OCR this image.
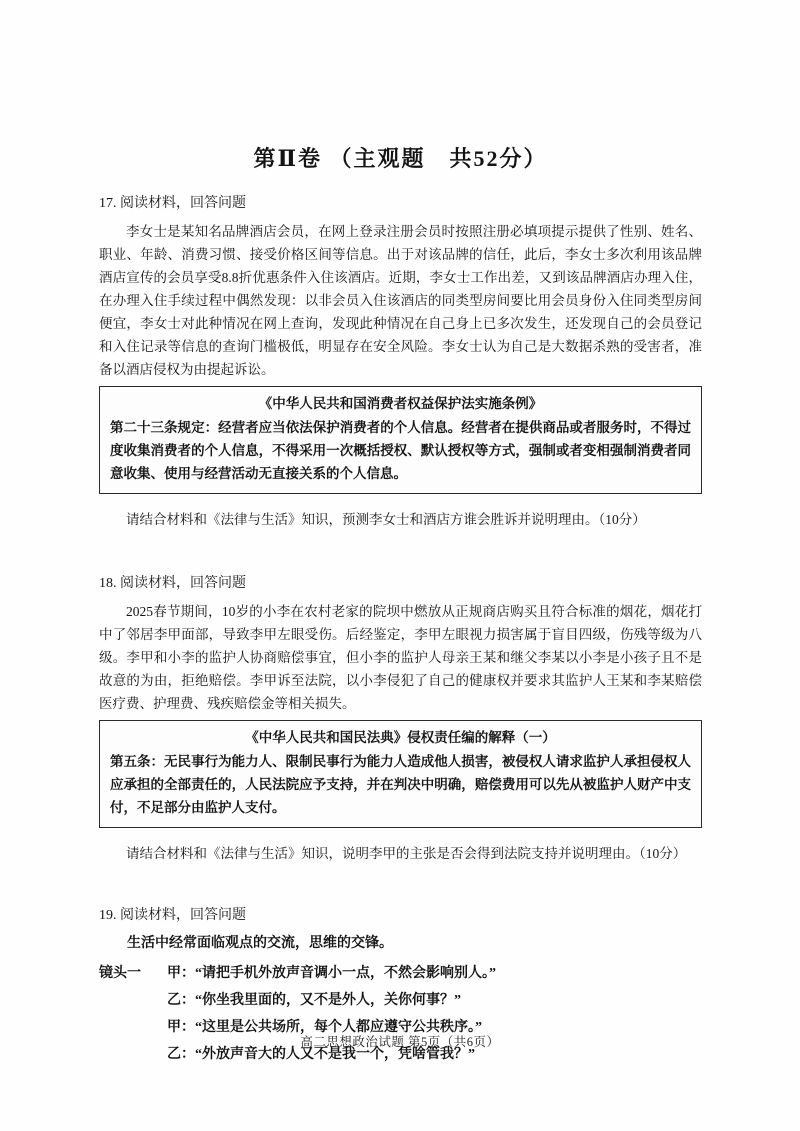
第Ⅱ卷 （主观题　共52分）
17. 阅读材料，回答问题

李女士是某知名品牌酒店会员，在网上登录注册会员时按照注册必填项提示提供了性别、姓名、职业、年龄、消费习惯、接受价格区间等信息。出于对该品牌的信任，此后，李女士多次利用该品牌酒店宣传的会员享受8.8折优惠条件入住该酒店。近期，李女士工作出差，又到该品牌酒店办理入住，在办理入住手续过程中偶然发现：以非会员入住该酒店的同类型房间要比用会员身份入住同类型房间便宜，李女士对此种情况在网上查询，发现此种情况在自己身上已多次发生，还发现自己的会员登记和入住记录等信息的查询门槛极低，明显存在安全风险。李女士认为自己是大数据杀熟的受害者，准备以酒店侵权为由提起诉讼。

《中华人民共和国消费者权益保护法实施条例》
第二十三条规定：经营者应当依法保护消费者的个人信息。经营者在提供商品或者服务时，不得过度收集消费者的个人信息，不得采用一次概括授权、默认授权等方式，强制或者变相强制消费者同意收集、使用与经营活动无直接关系的个人信息。

请结合材料和《法律与生活》知识，预测李女士和酒店方谁会胜诉并说明理由。（10分）

18. 阅读材料，回答问题

2025春节期间，10岁的小李在农村老家的院坝中燃放从正规商店购买且符合标准的烟花，烟花打中了邻居李甲面部，导致李甲左眼受伤。后经鉴定，李甲左眼视力损害属于盲目四级，伤残等级为八级。李甲和小李的监护人协商赔偿事宜，但小李的监护人母亲王某和继父李某以小李是小孩子且不是故意的为由，拒绝赔偿。李甲诉至法院，以小李侵犯了自己的健康权并要求其监护人王某和李某赔偿医疗费、护理费、残疾赔偿金等相关损失。

《中华人民共和国民法典》侵权责任编的解释（一）
第五条：无民事行为能力人、限制民事行为能力人造成他人损害，被侵权人请求监护人承担侵权人应承担的全部责任的，人民法院应予支持，并在判决中明确，赔偿费用可以先从被监护人财产中支付，不足部分由监护人支付。

请结合材料和《法律与生活》知识，说明李甲的主张是否会得到法院支持并说明理由。（10分）

19. 阅读材料，回答问题

生活中经常面临观点的交流，思维的交锋。

镜头一 甲：“请把手机外放声音调小一点，不然会影响别人。”
乙：“你坐我里面的，又不是外人，关你何事？”
甲：“这里是公共场所，每个人都应遵守公共秩序。”
乙：“外放声音大的人又不是我一个，凭啥管我？”
高二思想政治试题 第5页（共6页）
